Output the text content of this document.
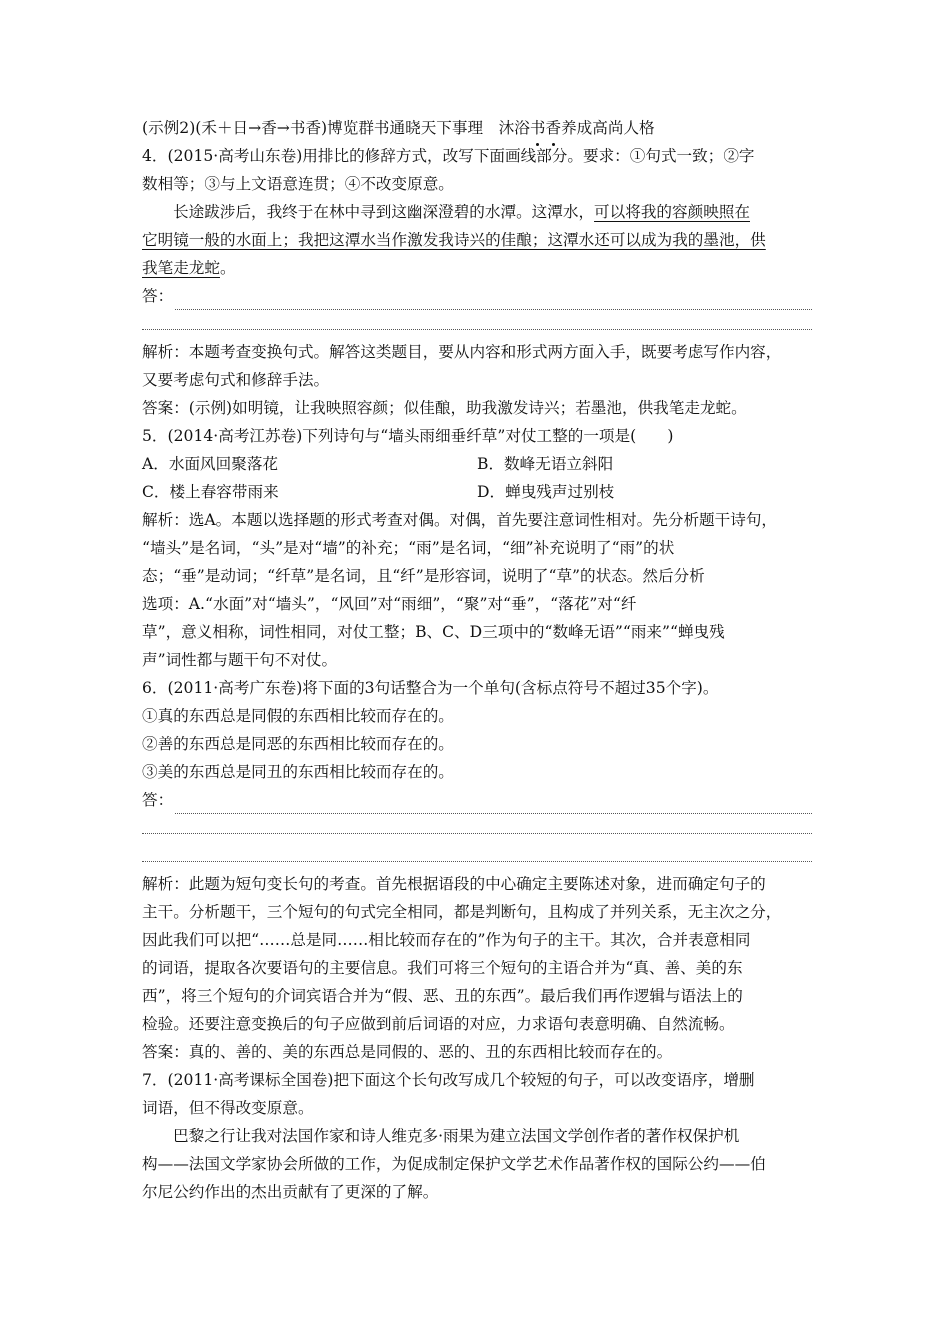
(示例2)(禾＋日→香→书香)博览群书通晓天下事理　沐浴书香养成高尚人格
4．(2015·高考山东卷)用排比的修辞方式，改写下面画线部分。要求：①句式一致；②字
数相等；③与上文语意连贯；④不改变原意。
长途跋涉后，我终于在林中寻到这幽深澄碧的水潭。这潭水，可以将我的容颜映照在
它明镜一般的水面上；我把这潭水当作激发我诗兴的佳酿；这潭水还可以成为我的墨池，供
我笔走龙蛇。
答：
解析：本题考查变换句式。解答这类题目，要从内容和形式两方面入手，既要考虑写作内容，
又要考虑句式和修辞手法。
答案：(示例)如明镜，让我映照容颜；似佳酿，助我激发诗兴；若墨池，供我笔走龙蛇。
5．(2014·高考江苏卷)下列诗句与“墙头雨细垂纤草”对仗工整的一项是(　　)
A．水面风回聚落花	B．数峰无语立斜阳
C．楼上春容带雨来	D．蝉曳残声过别枝
解析：选A。本题以选择题的形式考查对偶。对偶，首先要注意词性相对。先分析题干诗句，
“墙头”是名词，“头”是对“墙”的补充；“雨”是名词，“细”补充说明了“雨”的状
态；“垂”是动词；“纤草”是名词，且“纤”是形容词，说明了“草”的状态。然后分析
选项：A.“水面”对“墙头”，“风回”对“雨细”，“聚”对“垂”，“落花”对“纤
草”，意义相称，词性相同，对仗工整；B、C、D三项中的“数峰无语”“雨来”“蝉曳残
声”词性都与题干句不对仗。
6．(2011·高考广东卷)将下面的3句话整合为一个单句(含标点符号不超过35个字)。
①真的东西总是同假的东西相比较而存在的。
②善的东西总是同恶的东西相比较而存在的。
③美的东西总是同丑的东西相比较而存在的。
答：
解析：此题为短句变长句的考查。首先根据语段的中心确定主要陈述对象，进而确定句子的
主干。分析题干，三个短句的句式完全相同，都是判断句，且构成了并列关系，无主次之分，
因此我们可以把“……总是同……相比较而存在的”作为句子的主干。其次，合并表意相同
的词语，提取各次要语句的主要信息。我们可将三个短句的主语合并为“真、善、美的东
西”，将三个短句的介词宾语合并为“假、恶、丑的东西”。最后我们再作逻辑与语法上的
检验。还要注意变换后的句子应做到前后词语的对应，力求语句表意明确、自然流畅。
答案：真的、善的、美的东西总是同假的、恶的、丑的东西相比较而存在的。
7．(2011·高考课标全国卷)把下面这个长句改写成几个较短的句子，可以改变语序，增删
词语，但不得改变原意。
巴黎之行让我对法国作家和诗人维克多·雨果为建立法国文学创作者的著作权保护机
构——法国文学家协会所做的工作，为促成制定保护文学艺术作品著作权的国际公约——伯
尔尼公约作出的杰出贡献有了更深的了解。
